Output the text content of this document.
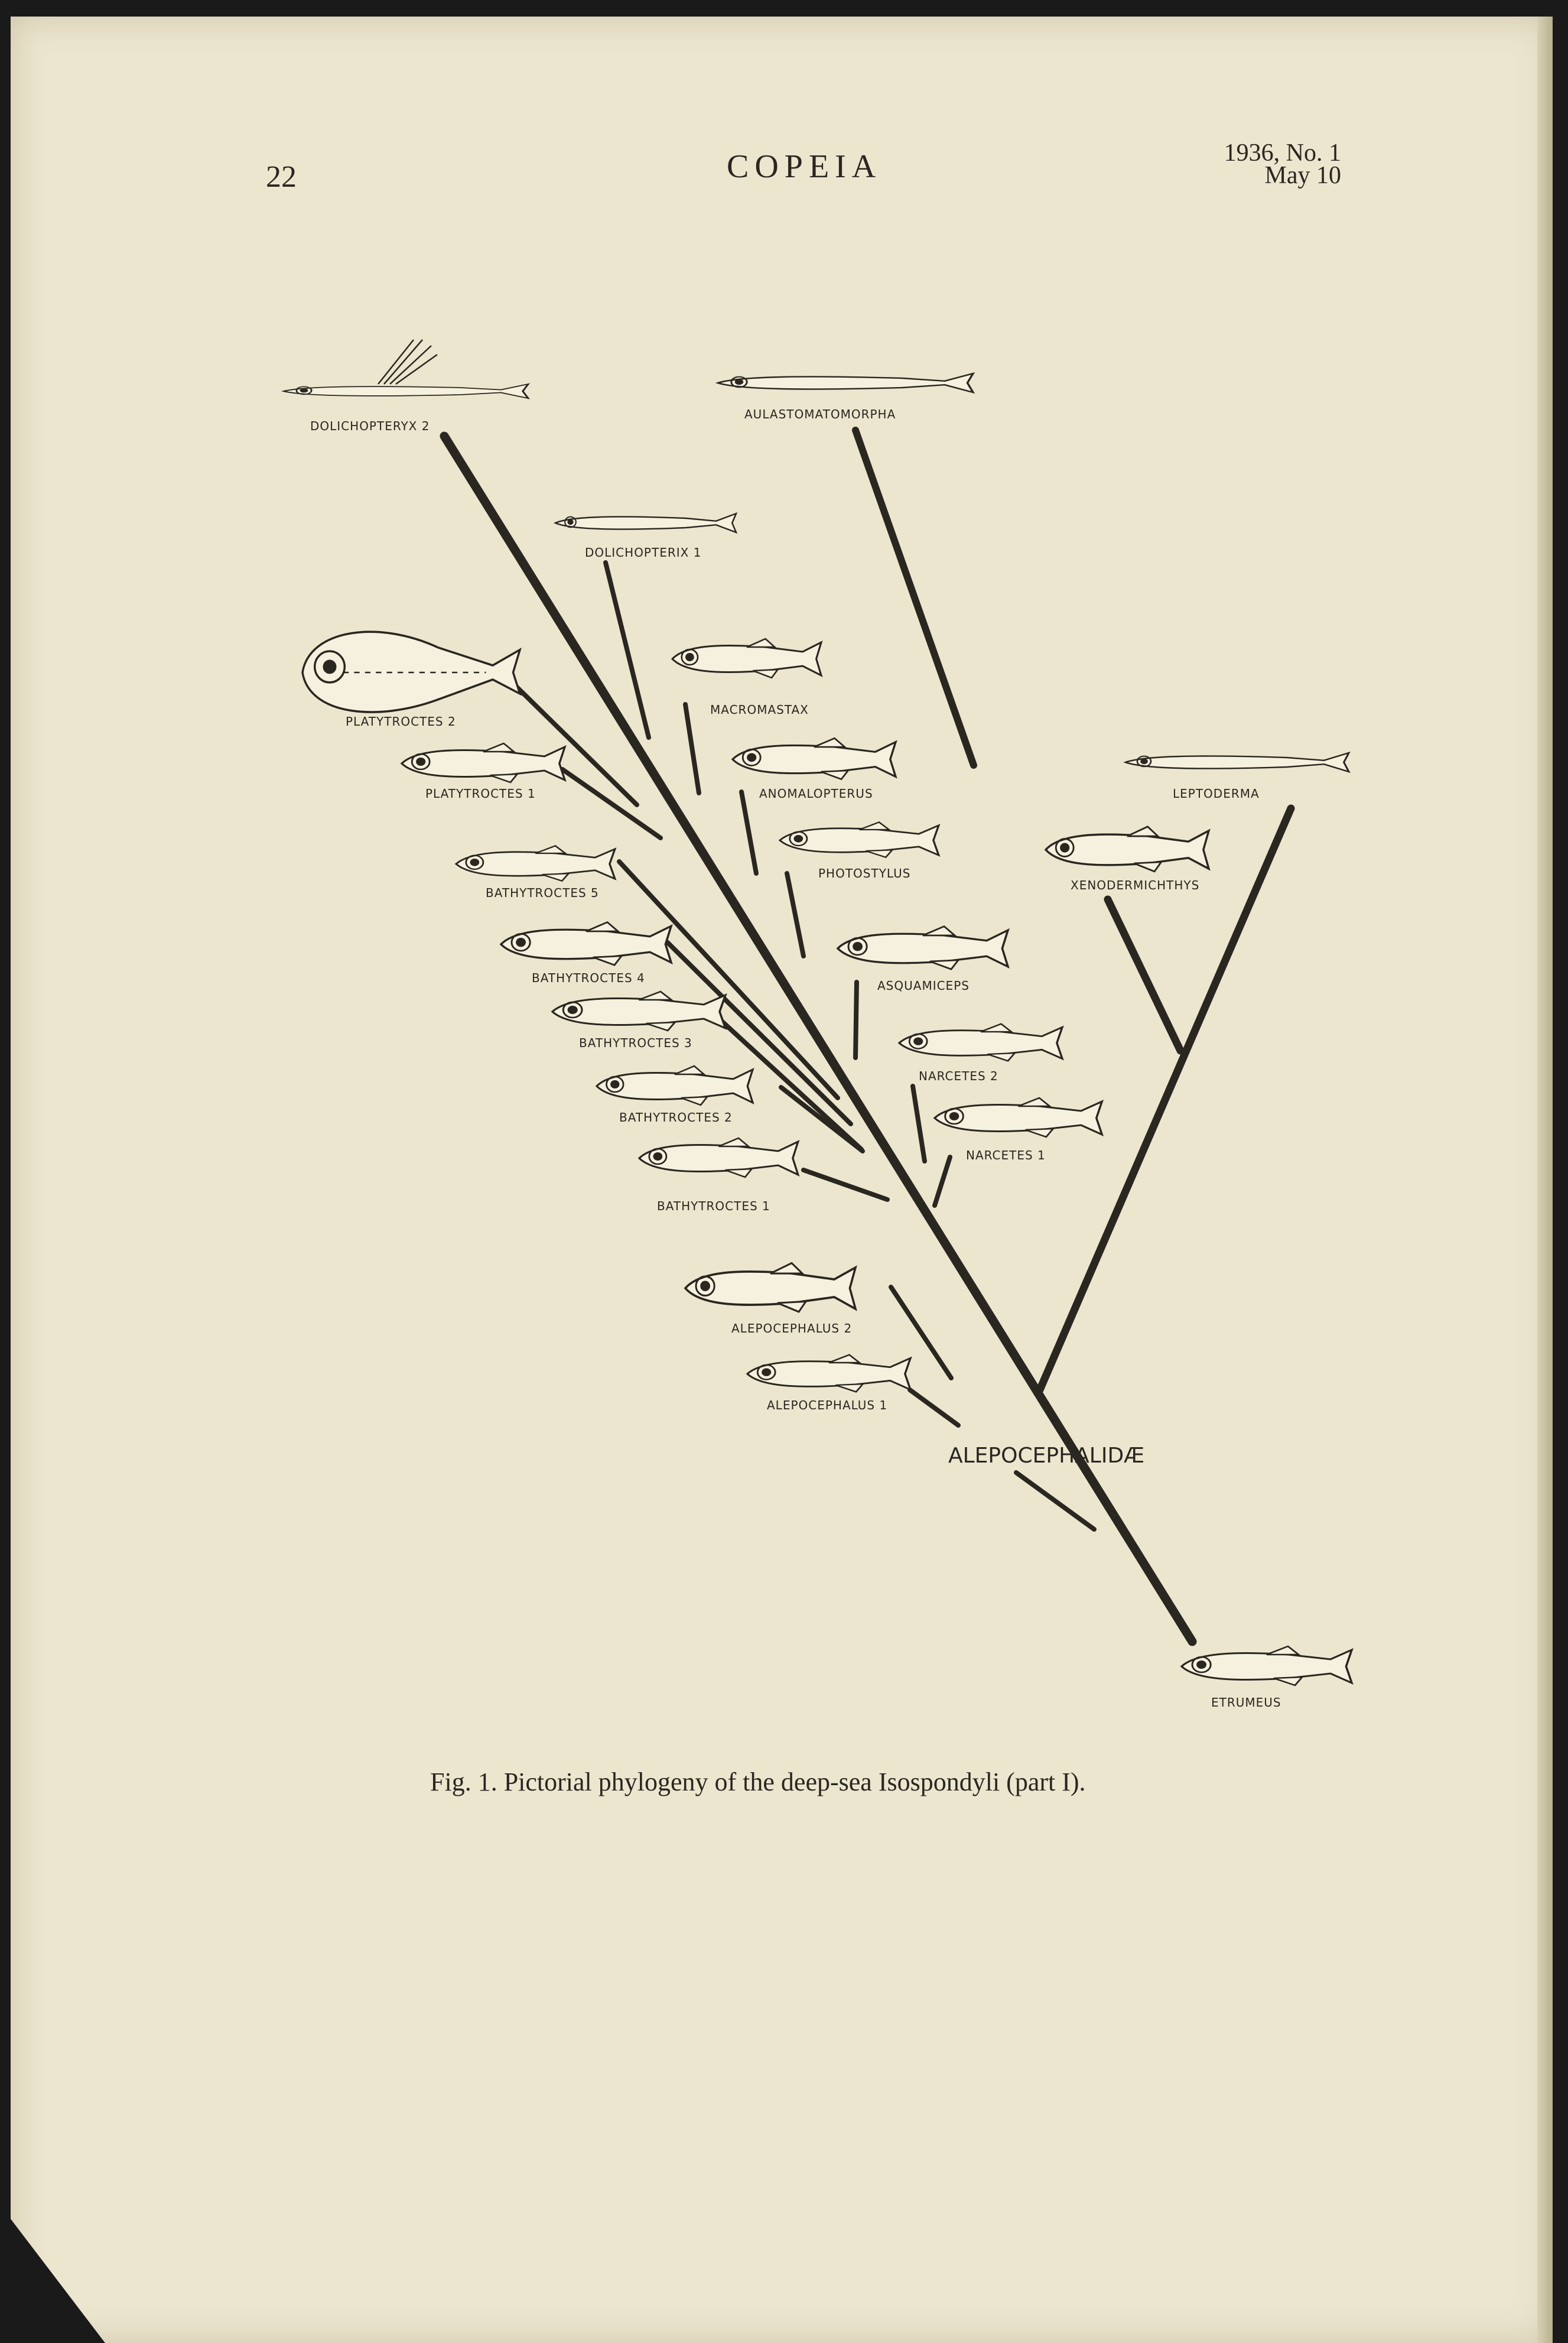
22	COPEIA	1936, No. 1
May 10
DOLICHOPTERYX 2
AULASTOMATOMORPHA
DOLICHOPTERIX 1
PLATYTROCTES 2
MACROMASTAX
PLATYTROCTES 1	ANOMALOPTERUS	LEPTODERMA
PHOTOSTYLUS
BATHYTROCTES 5
XENODERMICHTHYS
ASQUAMICEPS
BATHYTROCTES 4
BATHYTROCTES 3
NARCETES 2
BATHYTROCTES 2
NARCETES 1
BATHYTROCTES 1
ALEPOCEPHALUS 2
ALEPOCEPHALUS 1
ETRUMEUS
ALEPOCEPHALIDÆ
Fig. 1. Pictorial phylogeny of the deep-sea Isospondyli (part I).
